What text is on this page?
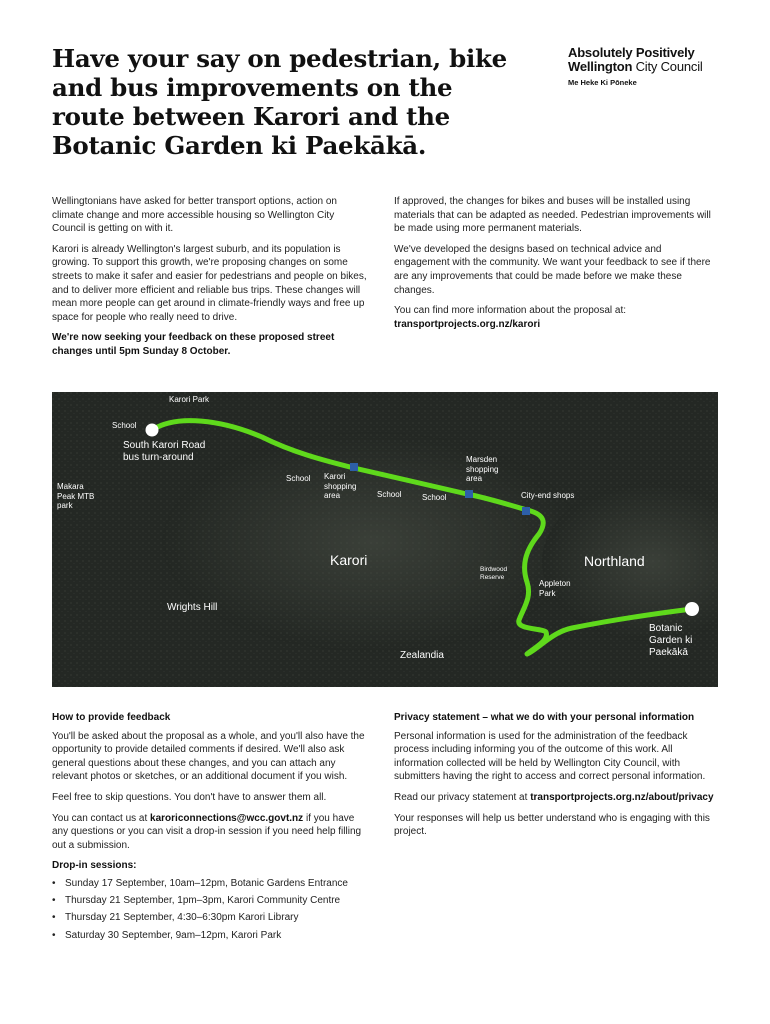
Have your say on pedestrian, bike and bus improvements on the route between Karori and the Botanic Garden ki Paekākā.
Absolutely Positively
Wellington City Council
Me Heke Ki Pōneke

Wellingtonians have asked for better transport options, action on climate change and more accessible housing so Wellington City Council is getting on with it.

Karori is already Wellington's largest suburb, and its population is growing. To support this growth, we're proposing changes on some streets to make it safer and easier for pedestrians and people on bikes, and to deliver more efficient and reliable bus trips. These changes will mean more people can get around in climate-friendly ways and free up space for people who really need to drive.

We're now seeking your feedback on these proposed street changes until 5pm Sunday 8 October.

If approved, the changes for bikes and buses will be installed using materials that can be adapted as needed. Pedestrian improvements will be made using more permanent materials.

We've developed the designs based on technical advice and engagement with the community. We want your feedback to see if there are any improvements that could be made before we make these changes.

You can find more information about the proposal at:
transportprojects.org.nz/karori

Karori Park
School
South Karori Road
bus turn-around
Makara
Peak MTB
park
School Karori
shopping
area	School	School
Marsden
shopping
area
City-end shops
Karori	Northland
Birdwood
Reserve
Appleton
Park
Wrights Hill
Zealandia
Botanic
Garden ki
Paekākā
How to provide feedback

You'll be asked about the proposal as a whole, and you'll also have the opportunity to provide detailed comments if desired. We'll also ask general questions about these changes, and you can attach any relevant photos or sketches, or an additional document if you wish.

Feel free to skip questions. You don't have to answer them all.

You can contact us at karoriconnections@wcc.govt.nz if you have any questions or you can visit a drop-in session if you need help filling out a submission.

Drop-in sessions:
• Sunday 17 September, 10am–12pm, Botanic Gardens Entrance
• Thursday 21 September, 1pm–3pm, Karori Community Centre
• Thursday 21 September, 4:30–6:30pm Karori Library
• Saturday 30 September, 9am–12pm, Karori Park
Privacy statement – what we do with your personal information

Personal information is used for the administration of the feedback process including informing you of the outcome of this work. All information collected will be held by Wellington City Council, with submitters having the right to access and correct personal information.

Read our privacy statement at transportprojects.org.nz/about/privacy

Your responses will help us better understand who is engaging with this project.
